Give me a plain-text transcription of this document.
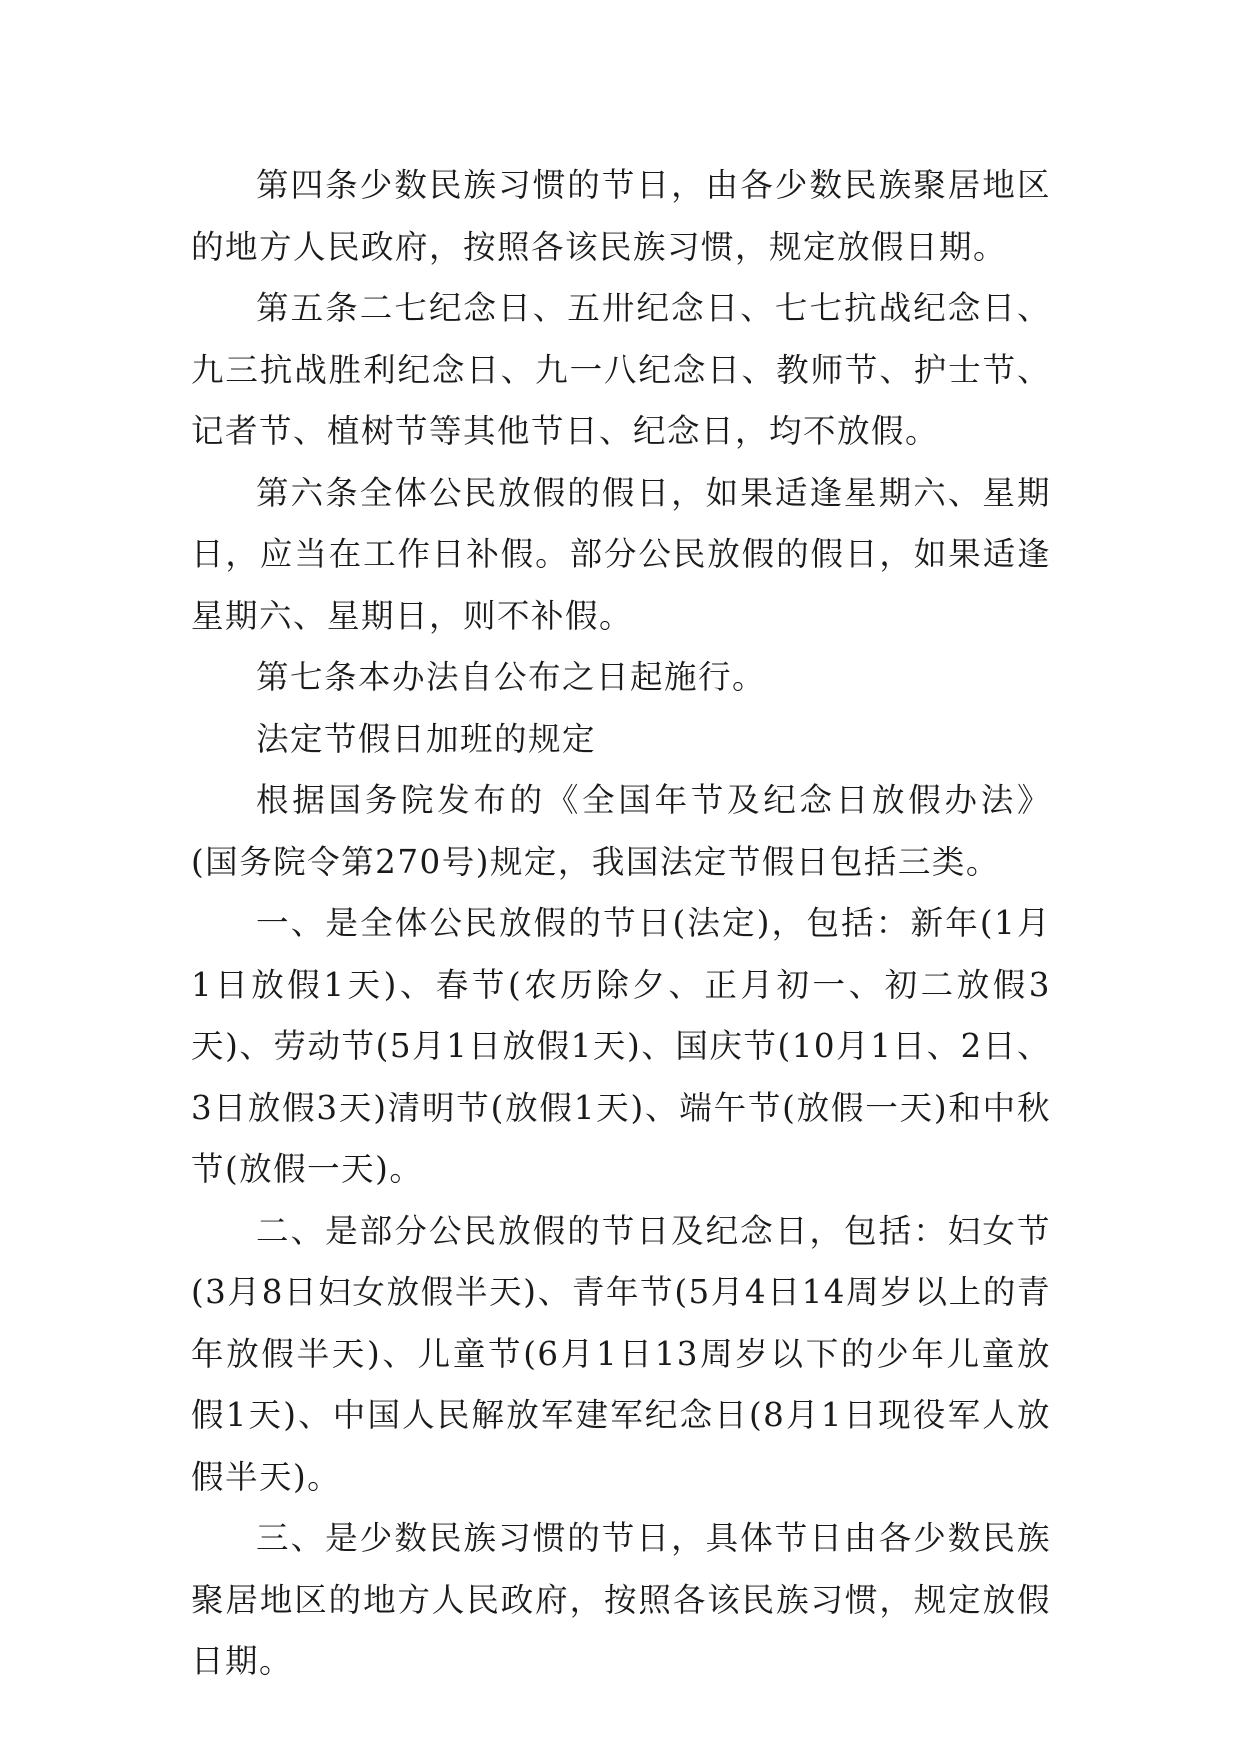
第四条少数民族习惯的节日，由各少数民族聚居地区的地方人民政府，按照各该民族习惯，规定放假日期。

第五条二七纪念日、五卅纪念日、七七抗战纪念日、九三抗战胜利纪念日、九一八纪念日、教师节、护士节、记者节、植树节等其他节日、纪念日，均不放假。

第六条全体公民放假的假日，如果适逢星期六、星期日，应当在工作日补假。部分公民放假的假日，如果适逢星期六、星期日，则不补假。

第七条本办法自公布之日起施行。

法定节假日加班的规定

根据国务院发布的《全国年节及纪念日放假办法》(国务院令第270号)规定，我国法定节假日包括三类。

一、是全体公民放假的节日(法定)，包括：新年(1月1日放假1天)、春节(农历除夕、正月初一、初二放假3天)、劳动节(5月1日放假1天)、国庆节(10月1日、2日、3日放假3天)清明节(放假1天)、端午节(放假一天)和中秋节(放假一天)。

二、是部分公民放假的节日及纪念日，包括：妇女节(3月8日妇女放假半天)、青年节(5月4日14周岁以上的青年放假半天)、儿童节(6月1日13周岁以下的少年儿童放假1天)、中国人民解放军建军纪念日(8月1日现役军人放假半天)。

三、是少数民族习惯的节日，具体节日由各少数民族聚居地区的地方人民政府，按照各该民族习惯，规定放假日期。
